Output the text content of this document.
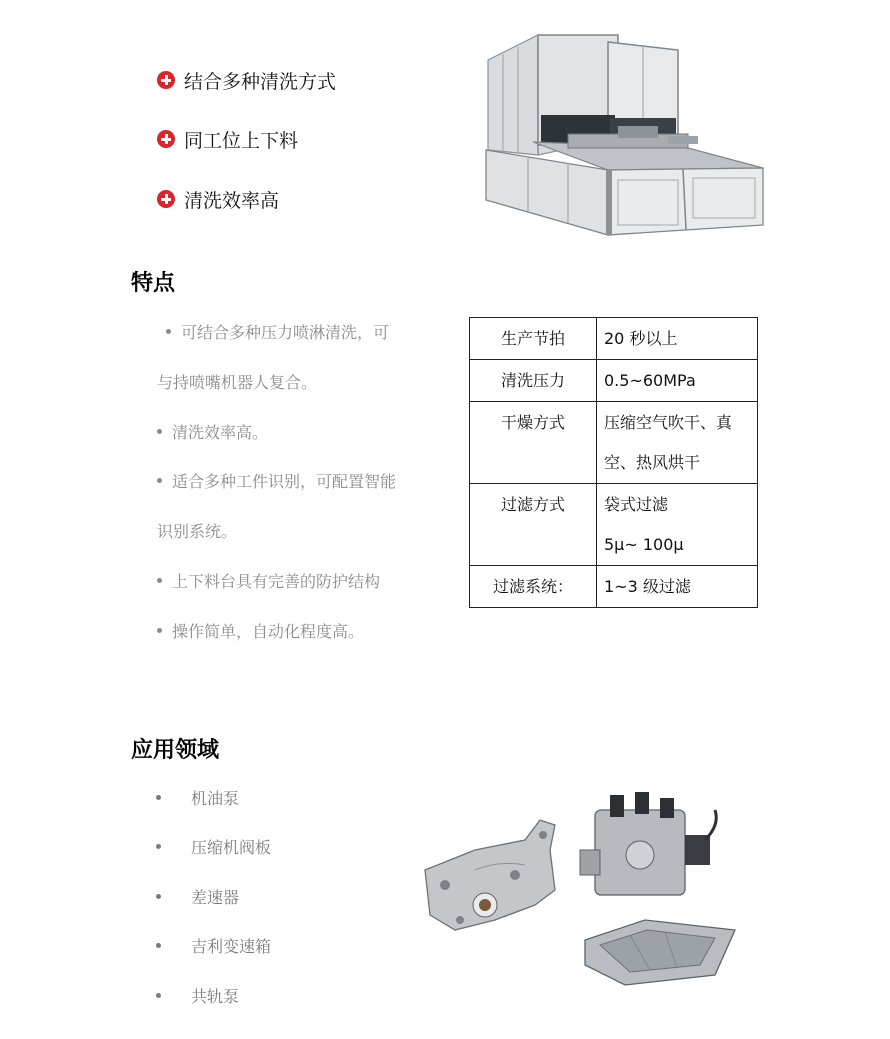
结合多种清洗方式
同工位上下料
清洗效率高
特点
可结合多种压力喷淋清洗，可
与持喷嘴机器人复合。
清洗效率高。
适合多种工件识别，可配置智能
识别系统。
上下料台具有完善的防护结构
操作简单，自动化程度高。
生产节拍	20 秒以上

清洗压力	0.5~60MPa

干燥方式	压缩空气吹干、真
空、热风烘干

过滤方式	袋式过滤
5μ~ 100μ

过滤系统：	1~3 级过滤
应用领域
机油泵
压缩机阀板
差速器
吉利变速箱
共轨泵
